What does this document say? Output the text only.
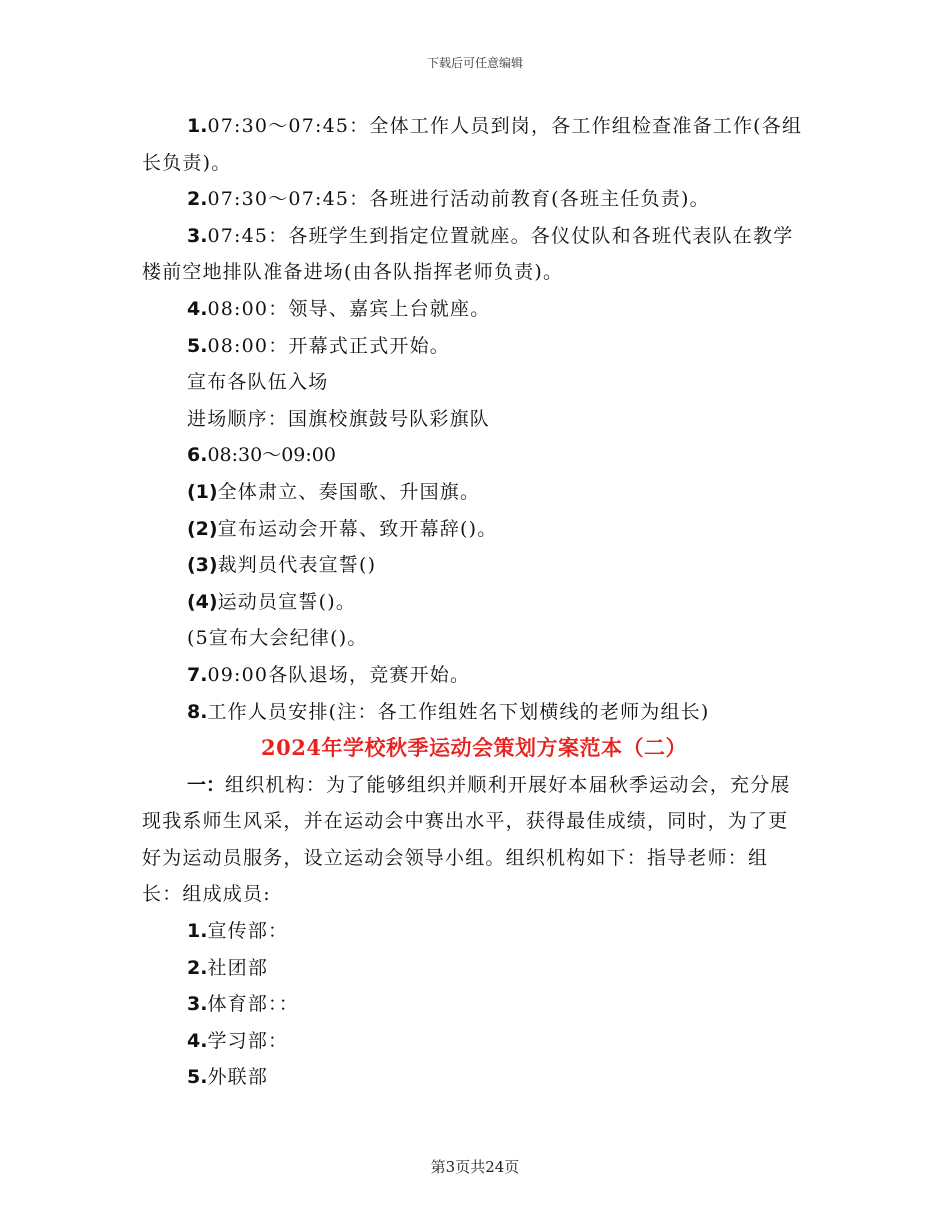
下载后可任意编辑

1.07:30～07:45：全体工作人员到岗，各工作组检查准备工作(各组长负责)。

2.07:30～07:45：各班进行活动前教育(各班主任负责)。

3.07:45：各班学生到指定位置就座。各仪仗队和各班代表队在教学楼前空地排队准备进场(由各队指挥老师负责)。

4.08:00：领导、嘉宾上台就座。

5.08:00：开幕式正式开始。

宣布各队伍入场

进场顺序：国旗校旗鼓号队彩旗队

6.08:30～09:00

(1)全体肃立、奏国歌、升国旗。

(2)宣布运动会开幕、致开幕辞()。

(3)裁判员代表宣誓()

(4)运动员宣誓()。

(5宣布大会纪律()。

7.09:00各队退场，竞赛开始。

8.工作人员安排(注：各工作组姓名下划横线的老师为组长)

2024年学校秋季运动会策划方案范本（二）

一：组织机构：为了能够组织并顺利开展好本届秋季运动会，充分展现我系师生风采，并在运动会中赛出水平，获得最佳成绩，同时，为了更好为运动员服务，设立运动会领导小组。组织机构如下：指导老师：组长：组成成员:

1.宣传部：

2.社团部

3.体育部：：

4.学习部：

5.外联部

第3页共24页
